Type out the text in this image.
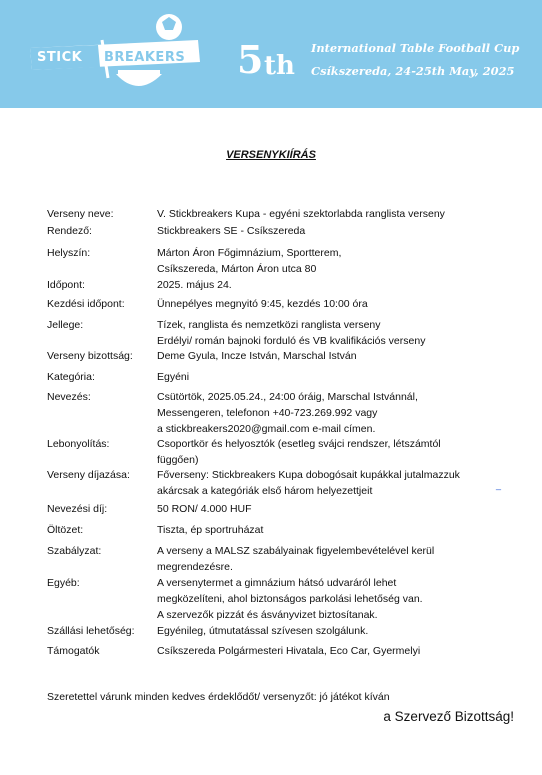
STICK BREAKERS 5 th
International Table Football Cup
Csíkszereda, 24-25th May, 2025
VERSENYKIÍRÁS
Verseny neve:	V. Stickbreakers Kupa - egyéni szektorlabda ranglista verseny
Rendező:	Stickbreakers SE - Csíkszereda
Helyszín:	Márton Áron Főgimnázium, Sportterem,
Csíkszereda, Márton Áron utca 80
Időpont:	2025. május 24.
Kezdési időpont:	Ünnepélyes megnyitó 9:45, kezdés 10:00 óra
Jellege:	Tízek, ranglista és nemzetközi ranglista verseny
Erdélyi/ román bajnoki forduló és VB kvalifikációs verseny
Verseny bizottság: Deme Gyula, Incze István, Marschal István
Kategória:	Egyéni
Nevezés:	Csütörtök, 2025.05.24., 24:00 óráig, Marschal Istvánnál,
Messengeren, telefonon +40-723.269.992 vagy
a stickbreakers2020@gmail.com e-mail címen.
Lebonyolítás:	Csoportkör és helyosztók (esetleg svájci rendszer, létszámtól
függően)
Verseny díjazása:	Főverseny: Stickbreakers Kupa dobogósait kupákkal jutalmazzuk
akárcsak a kategóriák első három helyezettjeit
Nevezési díj:	50 RON/ 4.000 HUF
Öltözet:	Tiszta, ép sportruházat
Szabályzat:	A verseny a MALSZ szabályainak figyelembevételével kerül
megrendezésre.
Egyéb:	A versenytermet a gimnázium hátsó udvaráról lehet
megközelíteni, ahol biztonságos parkolási lehetőség van.
A szervezők pizzát és ásványvizet biztosítanak.
Szállási lehetőség: Egyénileg, útmutatással szívesen szolgálunk.
Támogatók	Csíkszereda Polgármesteri Hivatala, Eco Car, Gyermelyi
_
Szeretettel várunk minden kedves érdeklődőt/ versenyzőt: jó játékot kíván
a Szervező Bizottság!
